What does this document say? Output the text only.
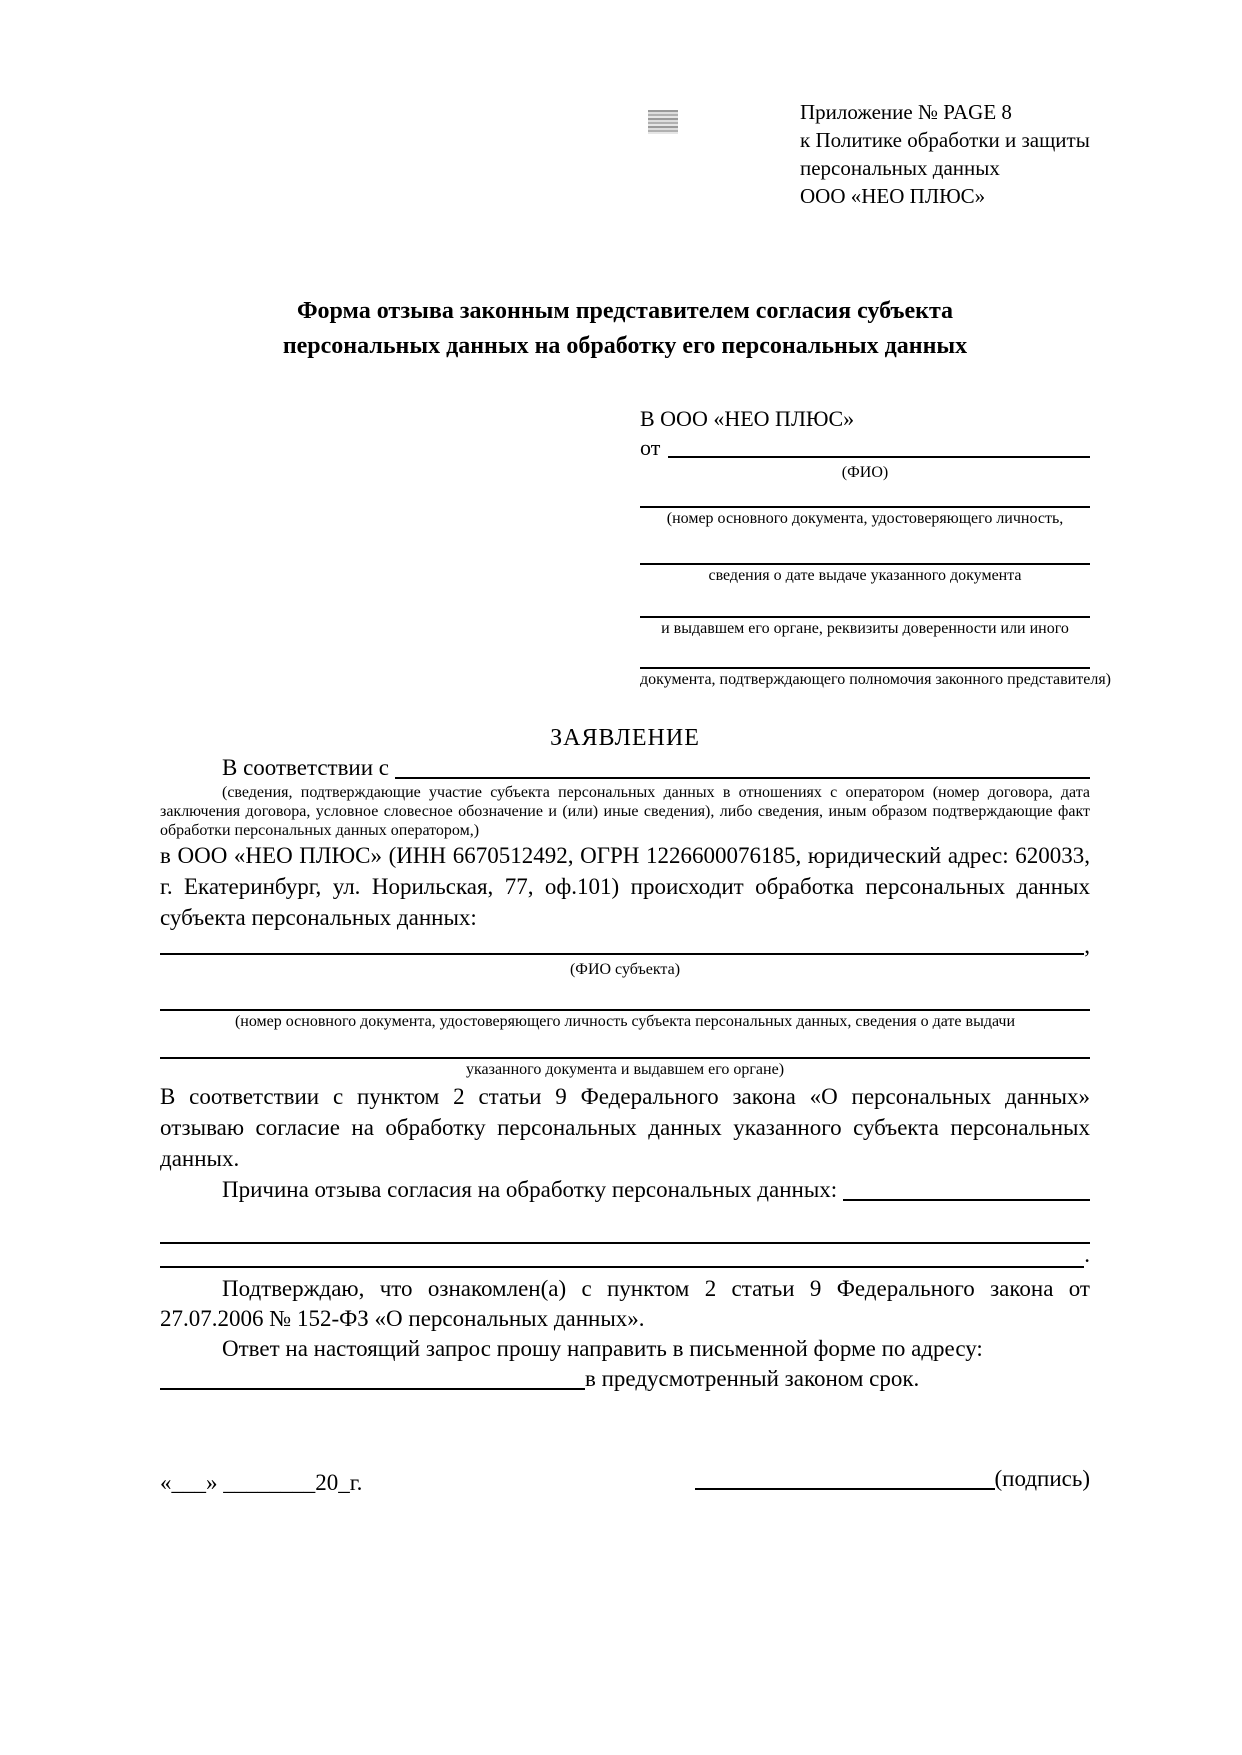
Приложение № PAGE 8
к Политике обработки и защиты
персональных данных
ООО «НЕО ПЛЮС»
Форма отзыва законным представителем согласия субъекта
персональных данных на обработку его персональных данных
В ООО «НЕО ПЛЮС»
от
(ФИО)
(номер основного документа, удостоверяющего личность,
сведения о дате выдаче указанного документа
и выдавшем его органе, реквизиты доверенности или иного
документа, подтверждающего полномочия законного представителя)
ЗАЯВЛЕНИЕ
В соответствии с

(сведения, подтверждающие участие субъекта персональных данных в отношениях с оператором (номер договора, дата заключения договора, условное словесное обозначение и (или) иные сведения), либо сведения, иным образом подтверждающие факт обработки персональных данных оператором,)

в ООО «НЕО ПЛЮС» (ИНН 6670512492, ОГРН 1226600076185, юридический адрес: 620033, г. Екатеринбург, ул. Норильская, 77, оф.101) происходит обработка персональных данных субъекта персональных данных:

,
(ФИО субъекта)
(номер основного документа, удостоверяющего личность субъекта персональных данных, сведения о дате выдачи
указанного документа и выдавшем его органе)

В соответствии с пунктом 2 статьи 9 Федерального закона «О персональных данных» отзываю согласие на обработку персональных данных указанного субъекта персональных данных.

Причина отзыва согласия на обработку персональных данных:
.

Подтверждаю, что ознакомлен(а) с пунктом 2 статьи 9 Федерального закона от 27.07.2006 № 152-ФЗ «О персональных данных».

Ответ на настоящий запрос прошу направить в письменной форме по адресу:

в предусмотренный законом срок.
«___» ________20_г.	(подпись)
